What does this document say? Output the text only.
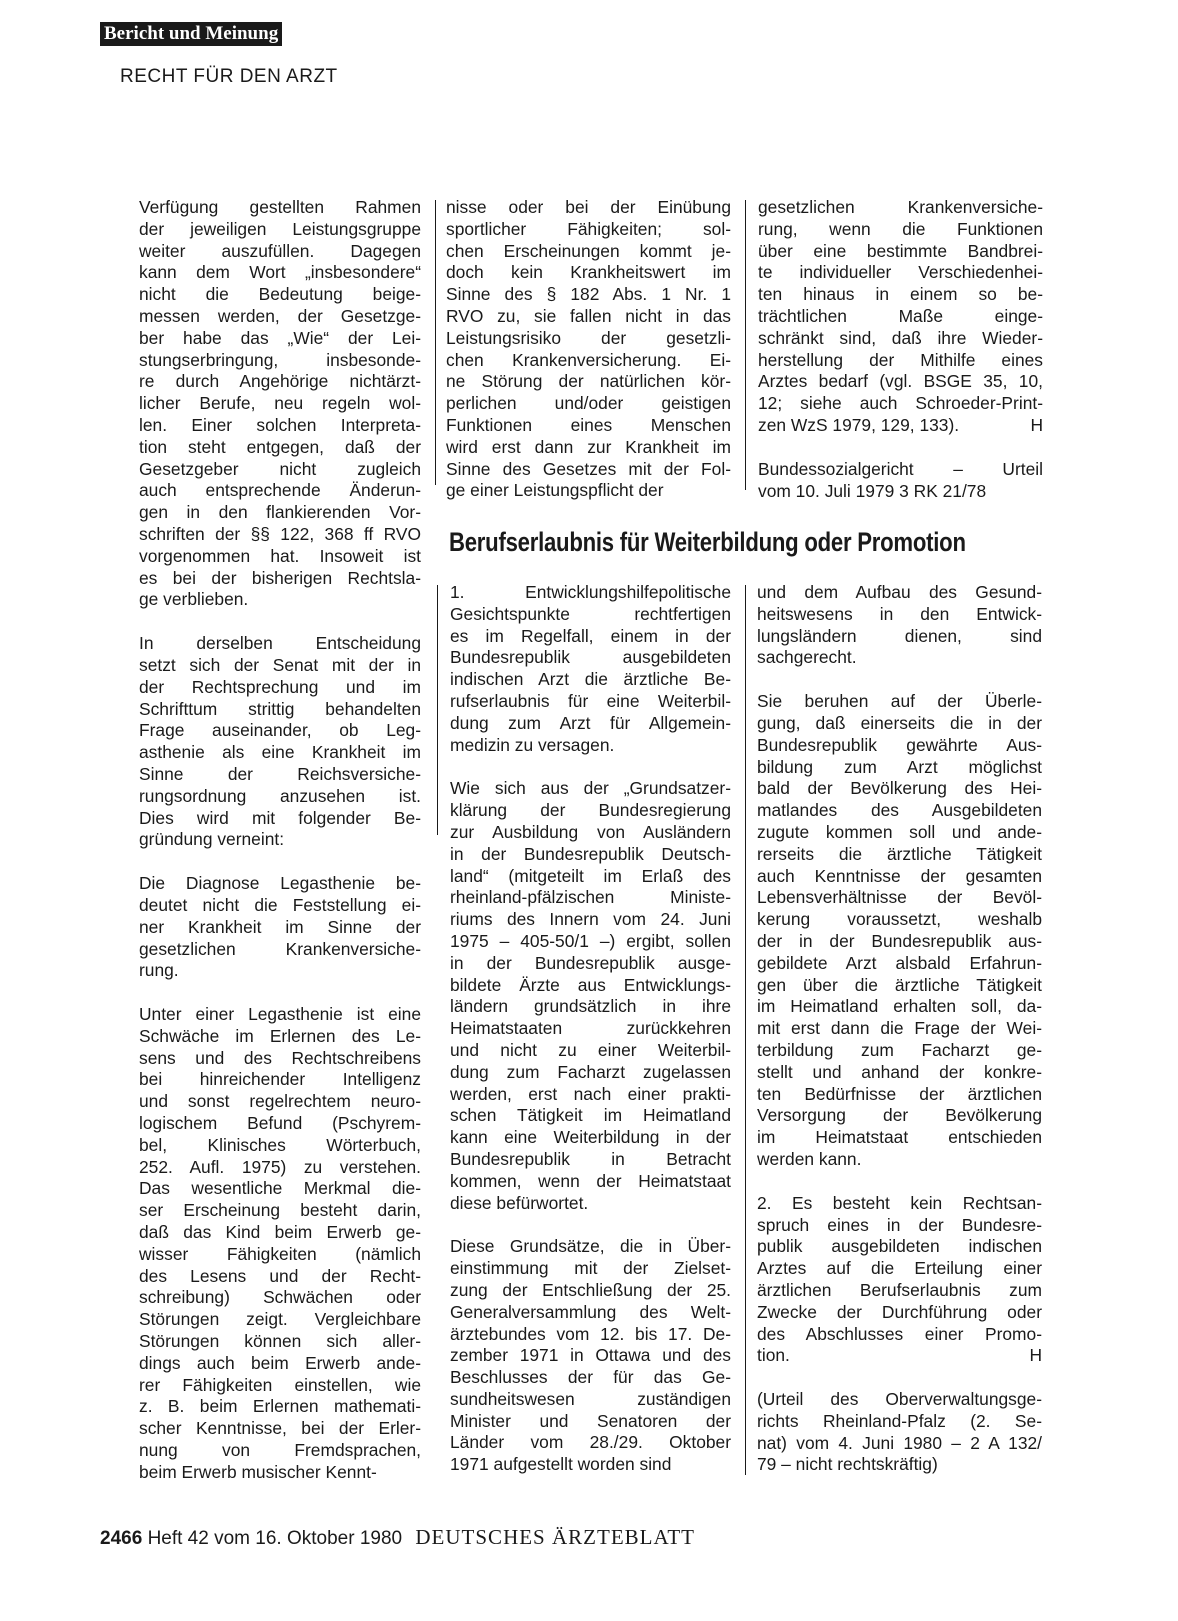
Bericht und Meinung
RECHT FÜR DEN ARZT

Verfügung gestellten Rahmen
der jeweiligen Leistungsgruppe
weiter auszufüllen. Dagegen
kann dem Wort „insbesondere“
nicht die Bedeutung beige-
messen werden, der Gesetzge-
ber habe das „Wie“ der Lei-
stungserbringung, insbesonde-
re durch Angehörige nichtärzt-
licher Berufe, neu regeln wol-
len. Einer solchen Interpreta-
tion steht entgegen, daß der
Gesetzgeber nicht zugleich
auch entsprechende Änderun-
gen in den flankierenden Vor-
schriften der §§ 122, 368 ff RVO
vorgenommen hat. Insoweit ist
es bei der bisherigen Rechtsla-
ge verblieben.

In derselben Entscheidung
setzt sich der Senat mit der in
der Rechtsprechung und im
Schrifttum strittig behandelten
Frage auseinander, ob Leg-
asthenie als eine Krankheit im
Sinne der Reichsversiche-
rungsordnung anzusehen ist.
Dies wird mit folgender Be-
gründung verneint:

Die Diagnose Legasthenie be-
deutet nicht die Feststellung ei-
ner Krankheit im Sinne der
gesetzlichen Krankenversiche-
rung.

Unter einer Legasthenie ist eine
Schwäche im Erlernen des Le-
sens und des Rechtschreibens
bei hinreichender Intelligenz
und sonst regelrechtem neuro-
logischem Befund (Pschyrem-
bel, Klinisches Wörterbuch,
252. Aufl. 1975) zu verstehen.
Das wesentliche Merkmal die-
ser Erscheinung besteht darin,
daß das Kind beim Erwerb ge-
wisser Fähigkeiten (nämlich
des Lesens und der Recht-
schreibung) Schwächen oder
Störungen zeigt. Vergleichbare
Störungen können sich aller-
dings auch beim Erwerb ande-
rer Fähigkeiten einstellen, wie
z. B. beim Erlernen mathemati-
scher Kenntnisse, bei der Erler-
nung von Fremdsprachen,
beim Erwerb musischer Kennt-

nisse oder bei der Einübung
sportlicher Fähigkeiten; sol-
chen Erscheinungen kommt je-
doch kein Krankheitswert im
Sinne des § 182 Abs. 1 Nr. 1
RVO zu, sie fallen nicht in das
Leistungsrisiko der gesetzli-
chen Krankenversicherung. Ei-
ne Störung der natürlichen kör-
perlichen und/oder geistigen
Funktionen eines Menschen
wird erst dann zur Krankheit im
Sinne des Gesetzes mit der Fol-
ge einer Leistungspflicht der

gesetzlichen Krankenversiche-
rung, wenn die Funktionen
über eine bestimmte Bandbrei-
te individueller Verschiedenhei-
ten hinaus in einem so be-
trächtlichen Maße einge-
schränkt sind, daß ihre Wieder-
herstellung der Mithilfe eines
Arztes bedarf (vgl. BSGE 35, 10,
12; siehe auch Schroeder-Print-
zen WzS 1979, 129, 133).	H

Bundessozialgericht – Urteil
vom 10. Juli 1979 3 RK 21/78

Berufserlaubnis für Weiterbildung oder Promotion

1. Entwicklungshilfepolitische
Gesichtspunkte rechtfertigen
es im Regelfall, einem in der
Bundesrepublik ausgebildeten
indischen Arzt die ärztliche Be-
rufserlaubnis für eine Weiterbil-
dung zum Arzt für Allgemein-
medizin zu versagen.

Wie sich aus der „Grundsatzer-
klärung der Bundesregierung
zur Ausbildung von Ausländern
in der Bundesrepublik Deutsch-
land“ (mitgeteilt im Erlaß des
rheinland-pfälzischen Ministe-
riums des Innern vom 24. Juni
1975 – 405-50/1 –) ergibt, sollen
in der Bundesrepublik ausge-
bildete Ärzte aus Entwicklungs-
ländern grundsätzlich in ihre
Heimatstaaten zurückkehren
und nicht zu einer Weiterbil-
dung zum Facharzt zugelassen
werden, erst nach einer prakti-
schen Tätigkeit im Heimatland
kann eine Weiterbildung in der
Bundesrepublik in Betracht
kommen, wenn der Heimatstaat
diese befürwortet.

Diese Grundsätze, die in Über-
einstimmung mit der Zielset-
zung der Entschließung der 25.
Generalversammlung des Welt-
ärztebundes vom 12. bis 17. De-
zember 1971 in Ottawa und des
Beschlusses der für das Ge-
sundheitswesen zuständigen
Minister und Senatoren der
Länder vom 28./29. Oktober
1971 aufgestellt worden sind

und dem Aufbau des Gesund-
heitswesens in den Entwick-
lungsländern dienen, sind
sachgerecht.

Sie beruhen auf der Überle-
gung, daß einerseits die in der
Bundesrepublik gewährte Aus-
bildung zum Arzt möglichst
bald der Bevölkerung des Hei-
matlandes des Ausgebildeten
zugute kommen soll und ande-
rerseits die ärztliche Tätigkeit
auch Kenntnisse der gesamten
Lebensverhältnisse der Bevöl-
kerung voraussetzt, weshalb
der in der Bundesrepublik aus-
gebildete Arzt alsbald Erfahrun-
gen über die ärztliche Tätigkeit
im Heimatland erhalten soll, da-
mit erst dann die Frage der Wei-
terbildung zum Facharzt ge-
stellt und anhand der konkre-
ten Bedürfnisse der ärztlichen
Versorgung der Bevölkerung
im Heimatstaat entschieden
werden kann.

2. Es besteht kein Rechtsan-
spruch eines in der Bundesre-
publik ausgebildeten indischen
Arztes auf die Erteilung einer
ärztlichen Berufserlaubnis zum
Zwecke der Durchführung oder
des Abschlusses einer Promo-
tion.	H

(Urteil des Oberverwaltungsge-
richts Rheinland-Pfalz (2. Se-
nat) vom 4. Juni 1980 – 2 A 132/
79 – nicht rechtskräftig)

2466 Heft 42 vom 16. Oktober 1980 DEUTSCHES ÄRZTEBLATT
